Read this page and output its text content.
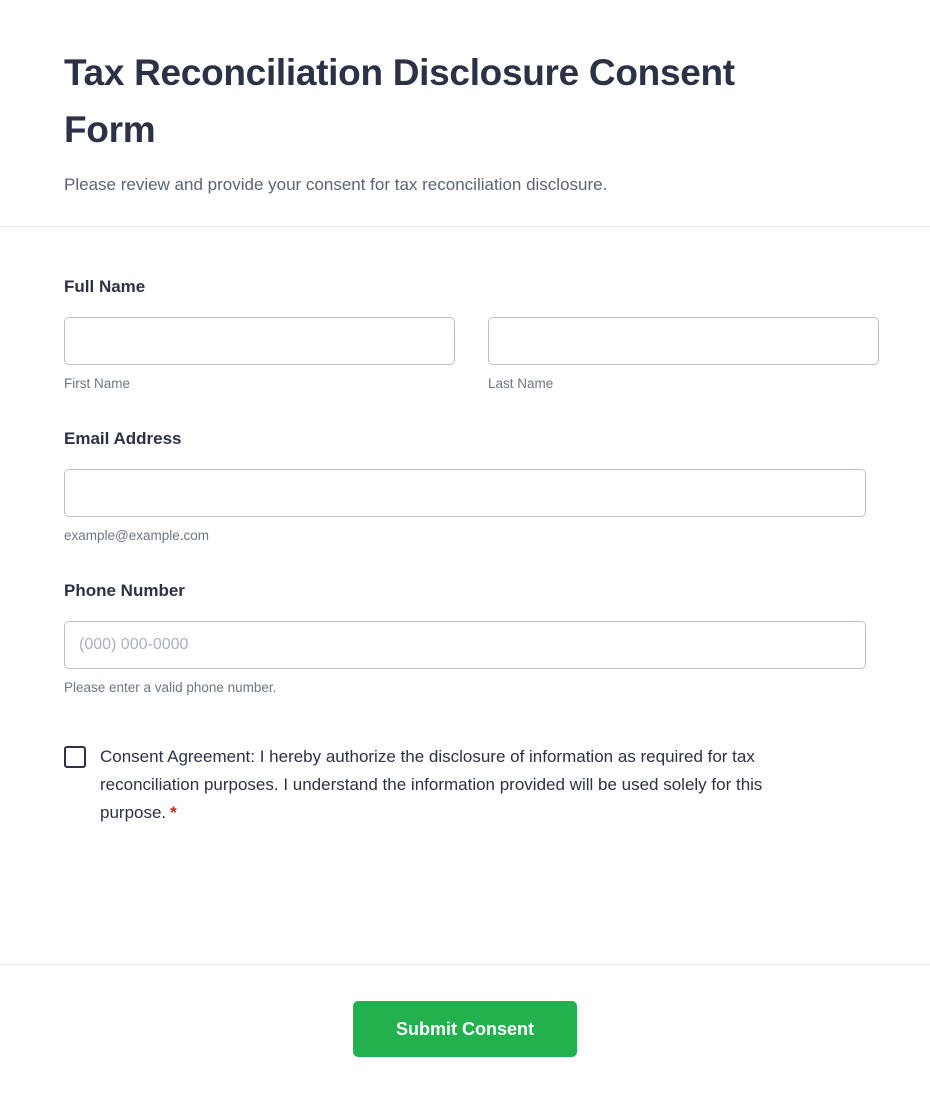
Tax Reconciliation Disclosure Consent Form

Please review and provide your consent for tax reconciliation disclosure.

Full Name
First Name	Last Name
Email Address
example@example.com
Phone Number
(000) 000-0000
Please enter a valid phone number.
Consent Agreement: I hereby authorize the disclosure of information as required for tax reconciliation purposes. I understand the information provided will be used solely for this purpose. *
Submit Consent
